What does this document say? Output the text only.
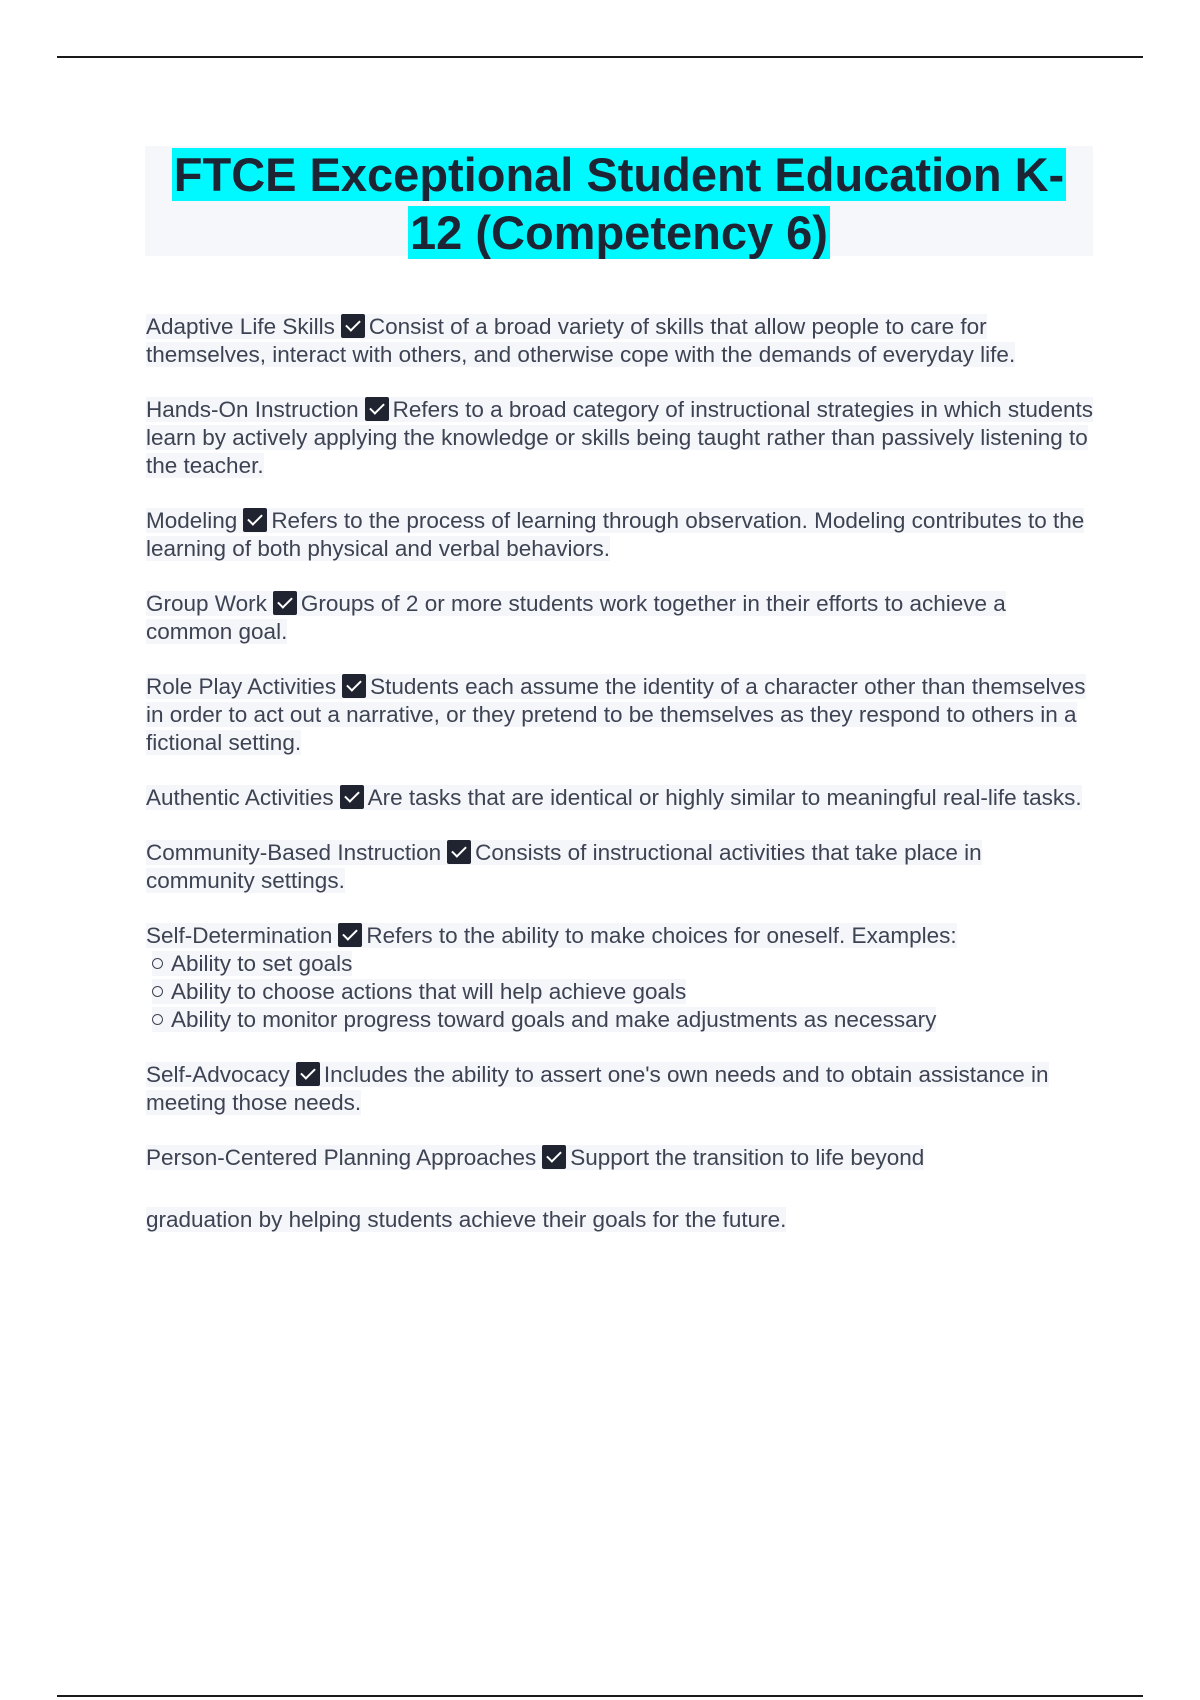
FTCE Exceptional Student Education K-
12 (Competency 6)

Adaptive Life Skills Consist of a broad variety of skills that allow people to care for themselves, interact with others, and otherwise cope with the demands of everyday life.

Hands-On Instruction Refers to a broad category of instructional strategies in which students learn by actively applying the knowledge or skills being taught rather than passively listening to the teacher.

Modeling Refers to the process of learning through observation. Modeling contributes to the learning of both physical and verbal behaviors.

Group Work Groups of 2 or more students work together in their efforts to achieve a common goal.

Role Play Activities Students each assume the identity of a character other than themselves in order to act out a narrative, or they pretend to be themselves as they respond to others in a fictional setting.

Authentic Activities Are tasks that are identical or highly similar to meaningful real-life tasks.

Community-Based Instruction Consists of instructional activities that take place in community settings.

Self-Determination Refers to the ability to make choices for oneself. Examples:
Ability to set goals
Ability to choose actions that will help achieve goals
Ability to monitor progress toward goals and make adjustments as necessary

Self-Advocacy Includes the ability to assert one's own needs and to obtain assistance in meeting those needs.

Person-Centered Planning Approaches Support the transition to life beyond
graduation by helping students achieve their goals for the future.
